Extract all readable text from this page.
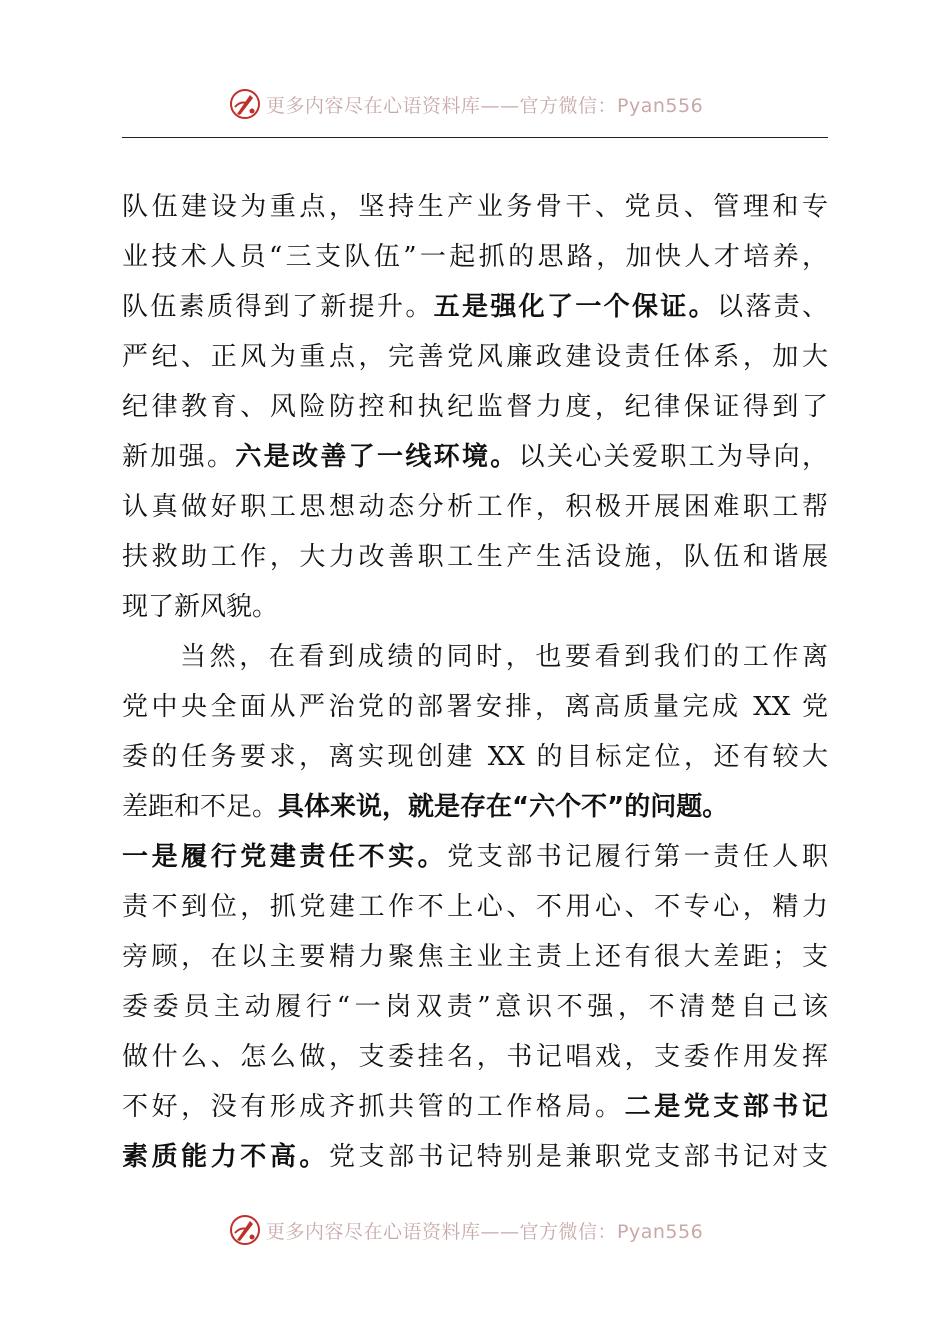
更多内容尽在心语资料库——官方微信：Pyan556
队伍建设为重点，坚持生产业务骨干、党员、管理和专
业技术人员“三支队伍”一起抓的思路，加快人才培养，
队伍素质得到了新提升。五是强化了一个保证。以落责、
严纪、正风为重点，完善党风廉政建设责任体系，加大
纪律教育、风险防控和执纪监督力度，纪律保证得到了
新加强。六是改善了一线环境。以关心关爱职工为导向，
认真做好职工思想动态分析工作，积极开展困难职工帮
扶救助工作，大力改善职工生产生活设施，队伍和谐展
现了新风貌。
当然，在看到成绩的同时，也要看到我们的工作离
党中央全面从严治党的部署安排，离高质量完成 XX 党
委的任务要求，离实现创建 XX 的目标定位，还有较大
差距和不足。具体来说，就是存在“六个不”的问题。
一是履行党建责任不实。党支部书记履行第一责任人职
责不到位，抓党建工作不上心、不用心、不专心，精力
旁顾，在以主要精力聚焦主业主责上还有很大差距；支
委委员主动履行“一岗双责”意识不强，不清楚自己该
做什么、怎么做，支委挂名，书记唱戏，支委作用发挥
不好，没有形成齐抓共管的工作格局。二是党支部书记
素质能力不高。党支部书记特别是兼职党支部书记对支
更多内容尽在心语资料库——官方微信：Pyan556
